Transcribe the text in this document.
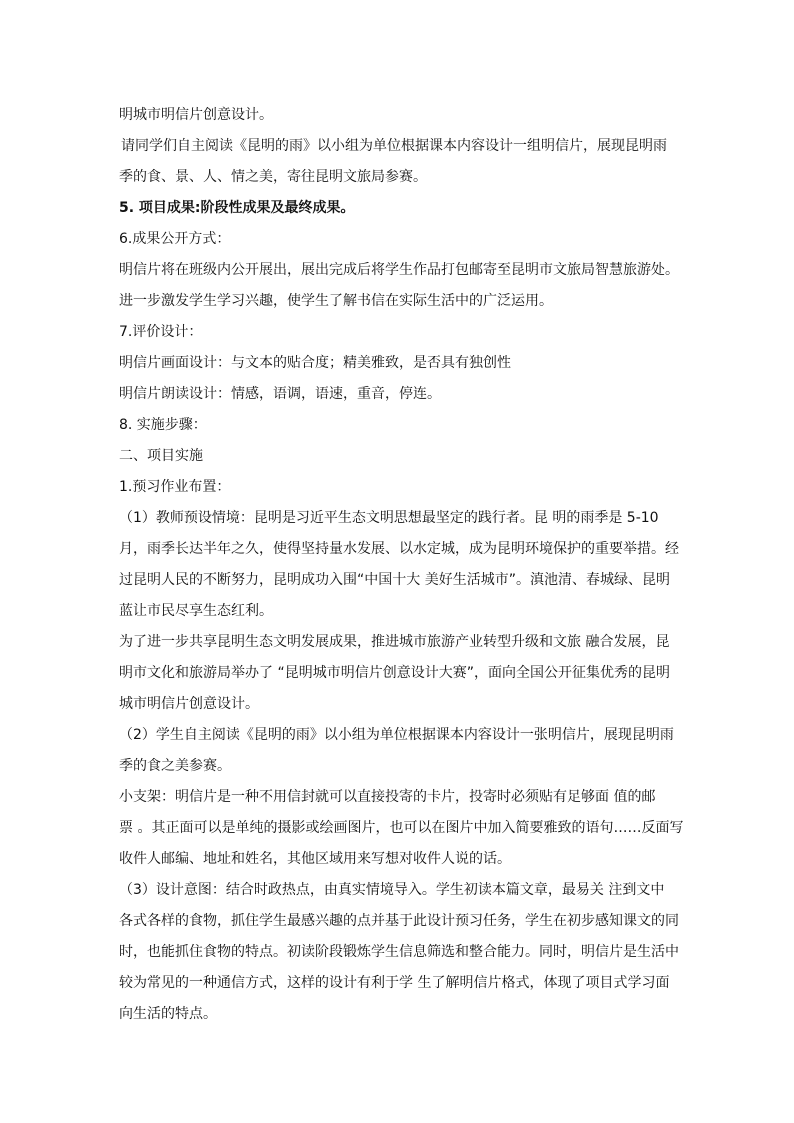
明城市明信片创意设计。
请同学们自主阅读《昆明的雨》以小组为单位根据课本内容设计一组明信片，展现昆明雨
季的食、景、人、情之美，寄往昆明文旅局参赛。
5. 项目成果:阶段性成果及最终成果。
6.成果公开方式：
明信片将在班级内公开展出，展出完成后将学生作品打包邮寄至昆明市文旅局智慧旅游处。
进一步激发学生学习兴趣，使学生了解书信在实际生活中的广泛运用。
7.评价设计：
明信片画面设计：与文本的贴合度；精美雅致，是否具有独创性
明信片朗读设计：情感，语调，语速，重音，停连。
8. 实施步骤：
二、项目实施
1.预习作业布置：
（1）教师预设情境：昆明是习近平生态文明思想最坚定的践行者。昆 明的雨季是 5-10
月，雨季长达半年之久，使得坚持量水发展、以水定城，成为昆明环境保护的重要举措。经
过昆明人民的不断努力，昆明成功入围“中国十大 美好生活城市”。滇池清、春城绿、昆明
蓝让市民尽享生态红利。
为了进一步共享昆明生态文明发展成果，推进城市旅游产业转型升级和文旅 融合发展，昆
明市文化和旅游局举办了 “昆明城市明信片创意设计大赛”，面向全国公开征集优秀的昆明
城市明信片创意设计。
（2）学生自主阅读《昆明的雨》以小组为单位根据课本内容设计一张明信片，展现昆明雨
季的食之美参赛。
小支架：明信片是一种不用信封就可以直接投寄的卡片，投寄时必须贴有足够面 值的邮
票 。其正面可以是单纯的摄影或绘画图片，也可以在图片中加入简要雅致的语句……反面写
收件人邮编、地址和姓名，其他区域用来写想对收件人说的话。
（3）设计意图：结合时政热点，由真实情境导入。学生初读本篇文章，最易关 注到文中
各式各样的食物，抓住学生最感兴趣的点并基于此设计预习任务，学生在初步感知课文的同
时，也能抓住食物的特点。初读阶段锻炼学生信息筛选和整合能力。同时，明信片是生活中
较为常见的一种通信方式，这样的设计有利于学 生了解明信片格式，体现了项目式学习面
向生活的特点。
